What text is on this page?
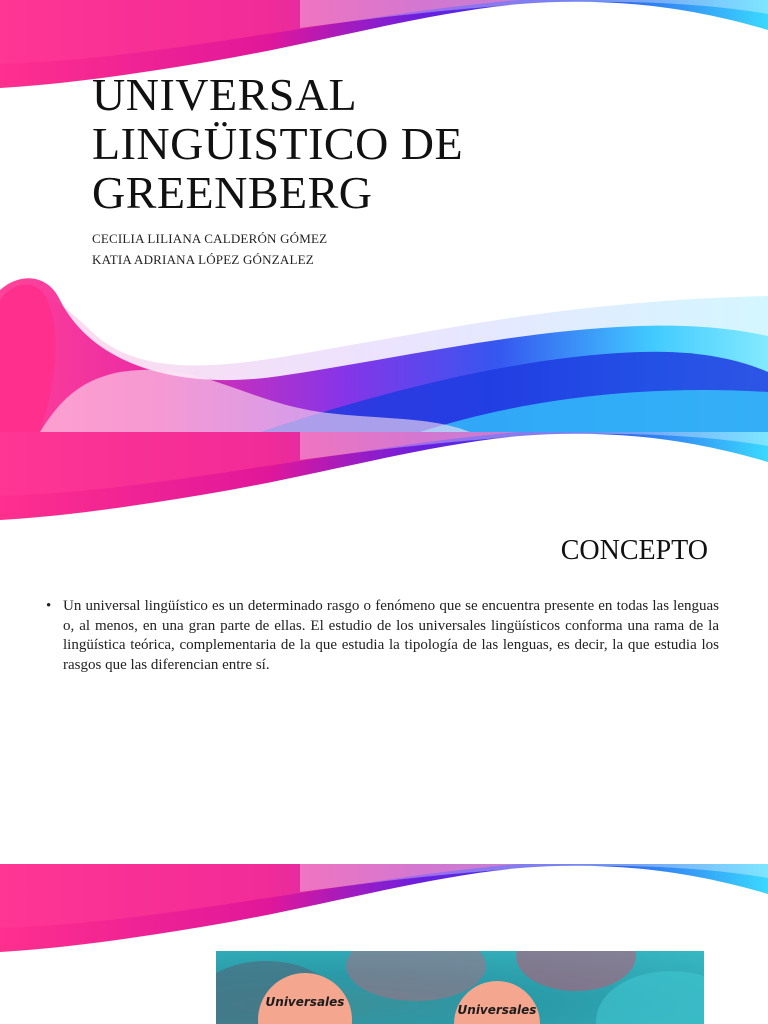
UNIVERSAL
LINGÜISTICO DE
GREENBERG
CECILIA LILIANA CALDERÓN GÓMEZ
KATIA ADRIANA LÓPEZ GÓNZALEZ
CONCEPTO
• Un universal lingüístico es un determinado rasgo o fenómeno que se encuentra presente en todas las lenguas o, al menos, en una gran parte de ellas. El estudio de los universales lingüísticos conforma una rama de la lingüística teórica, complementaria de la que estudia la tipología de las lenguas, es decir, la que estudia los rasgos que las diferencian entre sí.
Universales
Universales
